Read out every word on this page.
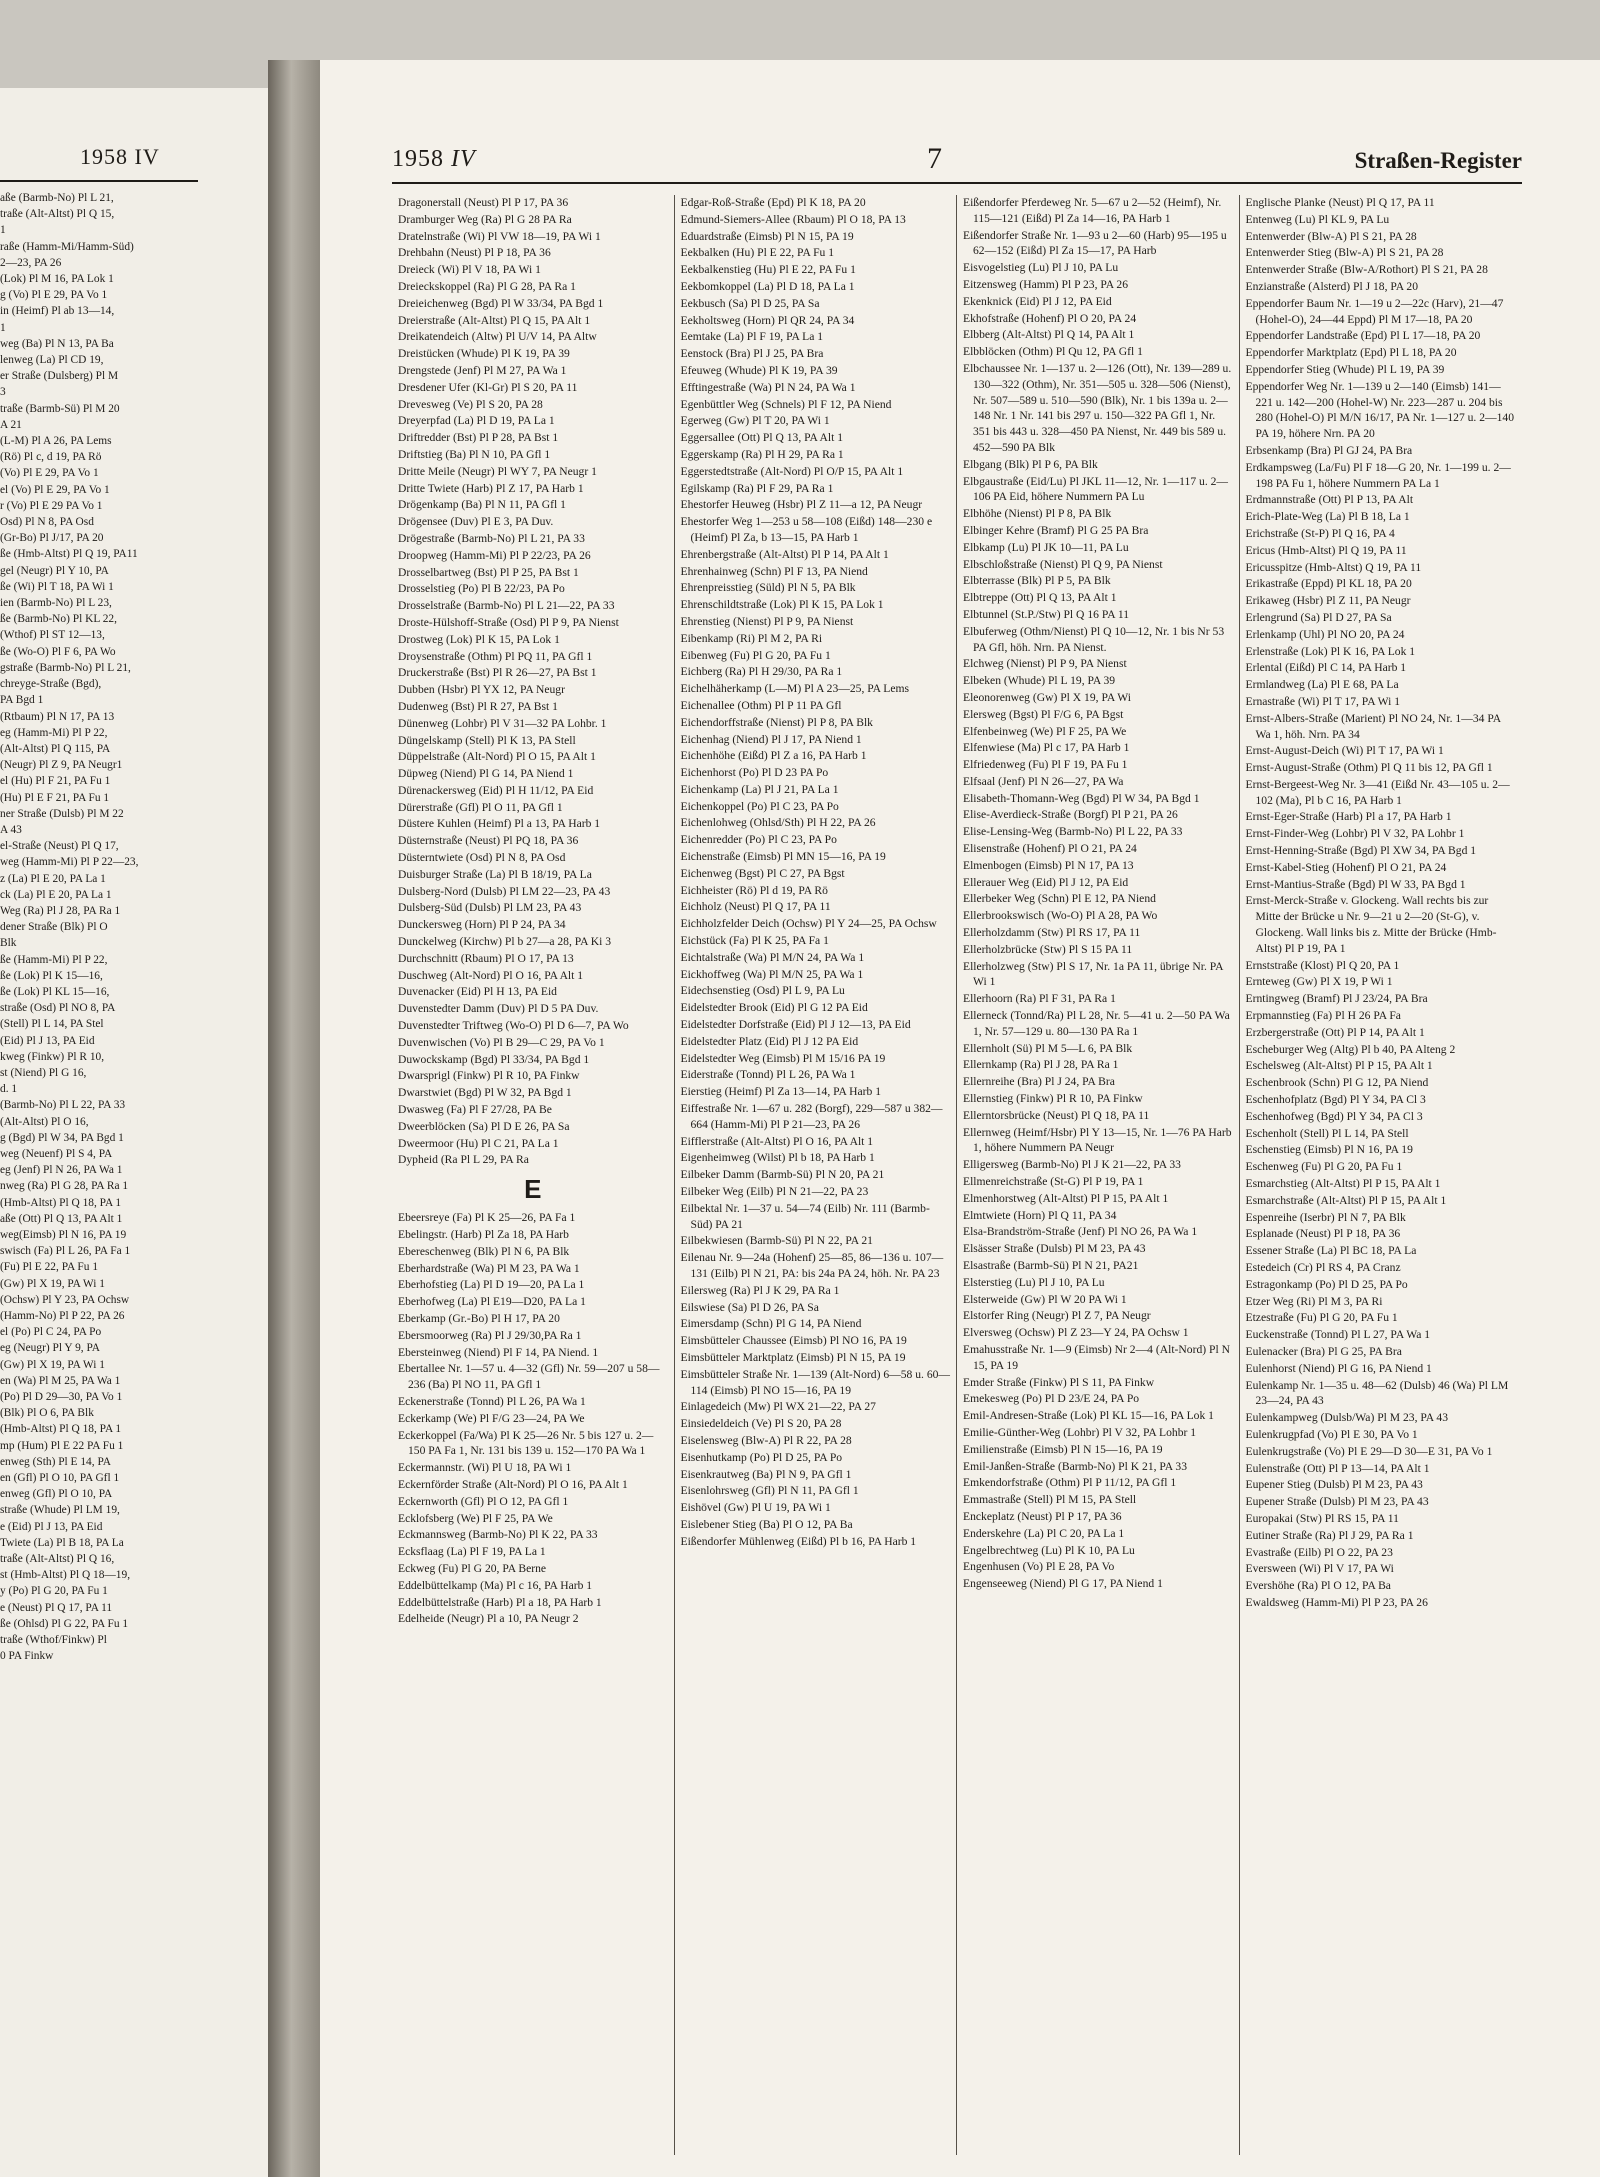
1958 IV
aße (Barmb-No) Pl L 21,
traße (Alt-Altst) Pl Q 15,
1
raße (Hamm-Mi/Hamm-Süd)
2—23, PA 26
(Lok) Pl M 16, PA Lok 1
g (Vo) Pl E 29, PA Vo 1
in (Heimf) Pl ab 13—14,
1
weg (Ba) Pl N 13, PA Ba
lenweg (La) Pl CD 19,
er Straße (Dulsberg) Pl M
3
traße (Barmb-Sü) Pl M 20
A 21
(L-M) Pl A 26, PA Lems
(Rö) Pl c, d 19, PA Rö
(Vo) Pl E 29, PA Vo 1
el (Vo) Pl E 29, PA Vo 1
r (Vo) Pl E 29 PA Vo 1
Osd) Pl N 8, PA Osd
(Gr-Bo) Pl J/17, PA 20
ße (Hmb-Altst) Pl Q 19, PA11
gel (Neugr) Pl Y 10, PA
ße (Wi) Pl T 18, PA Wi 1
ien (Barmb-No) Pl L 23,
ße (Barmb-No) Pl KL 22,
(Wthof) Pl ST 12—13,
ße (Wo-O) Pl F 6, PA Wo
gstraße (Barmb-No) Pl L 21,
chreyge-Straße (Bgd),
PA Bgd 1
(Rtbaum) Pl N 17, PA 13
eg (Hamm-Mi) Pl P 22,
(Alt-Altst) Pl Q 115, PA
(Neugr) Pl Z 9, PA Neugr1
el (Hu) Pl F 21, PA Fu 1
(Hu) Pl E F 21, PA Fu 1
ner Straße (Dulsb) Pl M 22
A 43
el-Straße (Neust) Pl Q 17,
weg (Hamm-Mi) Pl P 22—23,
z (La) Pl E 20, PA La 1
ck (La) Pl E 20, PA La 1
Weg (Ra) Pl J 28, PA Ra 1
dener Straße (Blk) Pl O
Blk
ße (Hamm-Mi) Pl P 22,
ße (Lok) Pl K 15—16,
ße (Lok) Pl KL 15—16,
straße (Osd) Pl NO 8, PA
(Stell) Pl L 14, PA Stel
(Eid) Pl J 13, PA Eid
kweg (Finkw) Pl R 10,
st (Niend) Pl G 16,
d. 1
(Barmb-No) Pl L 22, PA 33
(Alt-Altst) Pl O 16,
g (Bgd) Pl W 34, PA Bgd 1
weg (Neuenf) Pl S 4, PA
eg (Jenf) Pl N 26, PA Wa 1
nweg (Ra) Pl G 28, PA Ra 1
(Hmb-Altst) Pl Q 18, PA 1
aße (Ott) Pl Q 13, PA Alt 1
weg(Eimsb) Pl N 16, PA 19
swisch (Fa) Pl L 26, PA Fa 1
(Fu) Pl E 22, PA Fu 1
(Gw) Pl X 19, PA Wi 1
(Ochsw) Pl Y 23, PA Ochsw
(Hamm-No) Pl P 22, PA 26
el (Po) Pl C 24, PA Po
eg (Neugr) Pl Y 9, PA
(Gw) Pl X 19, PA Wi 1
en (Wa) Pl M 25, PA Wa 1
(Po) Pl D 29—30, PA Vo 1
(Blk) Pl O 6, PA Blk
(Hmb-Altst) Pl Q 18, PA 1
mp (Hum) Pl E 22 PA Fu 1
enweg (Sth) Pl E 14, PA
en (Gfl) Pl O 10, PA Gfl 1
enweg (Gfl) Pl O 10, PA
straße (Whude) Pl LM 19,
e (Eid) Pl J 13, PA Eid
Twiete (La) Pl B 18, PA La
traße (Alt-Altst) Pl Q 16,
st (Hmb-Altst) Pl Q 18—19,
y (Po) Pl G 20, PA Fu 1
e (Neust) Pl Q 17, PA 11
ße (Ohlsd) Pl G 22, PA Fu 1
traße (Wthof/Finkw) Pl
0 PA Finkw
1958 IV	7	Straßen-Register
Dragonerstall (Neust) Pl P 17, PA 36
Dramburger Weg (Ra) Pl G 28 PA Ra
Dratelnstraße (Wi) Pl VW 18—19, PA Wi 1
Drehbahn (Neust) Pl P 18, PA 36
Dreieck (Wi) Pl V 18, PA Wi 1
Dreieckskoppel (Ra) Pl G 28, PA Ra 1
Dreieichenweg (Bgd) Pl W 33/34, PA Bgd 1
Dreierstraße (Alt-Altst) Pl Q 15, PA Alt 1
Dreikatendeich (Altw) Pl U/V 14, PA Altw
Dreistücken (Whude) Pl K 19, PA 39
Drengstede (Jenf) Pl M 27, PA Wa 1
Dresdener Ufer (Kl-Gr) Pl S 20, PA 11
Drevesweg (Ve) Pl S 20, PA 28
Dreyerpfad (La) Pl D 19, PA La 1
Driftredder (Bst) Pl P 28, PA Bst 1
Driftstieg (Ba) Pl N 10, PA Gfl 1
Dritte Meile (Neugr) Pl WY 7, PA Neugr 1
Dritte Twiete (Harb) Pl Z 17, PA Harb 1
Drögenkamp (Ba) Pl N 11, PA Gfl 1
Drögensee (Duv) Pl E 3, PA Duv.
Drögestraße (Barmb-No) Pl L 21, PA 33
Droopweg (Hamm-Mi) Pl P 22/23, PA 26
Drosselbartweg (Bst) Pl P 25, PA Bst 1
Drosselstieg (Po) Pl B 22/23, PA Po
Drosselstraße (Barmb-No) Pl L 21—22, PA 33
Droste-Hülshoff-Straße (Osd) Pl P 9, PA Nienst
Drostweg (Lok) Pl K 15, PA Lok 1
Droysenstraße (Othm) Pl PQ 11, PA Gfl 1
Druckerstraße (Bst) Pl R 26—27, PA Bst 1
Dubben (Hsbr) Pl YX 12, PA Neugr
Dudenweg (Bst) Pl R 27, PA Bst 1
Dünenweg (Lohbr) Pl V 31—32 PA Lohbr. 1
Düngelskamp (Stell) Pl K 13, PA Stell
Düppelstraße (Alt-Nord) Pl O 15, PA Alt 1
Düpweg (Niend) Pl G 14, PA Niend 1
Dürenackersweg (Eid) Pl H 11/12, PA Eid
Dürerstraße (Gfl) Pl O 11, PA Gfl 1
Düstere Kuhlen (Heimf) Pl a 13, PA Harb 1
Düsternstraße (Neust) Pl PQ 18, PA 36
Düsterntwiete (Osd) Pl N 8, PA Osd
Duisburger Straße (La) Pl B 18/19, PA La
Dulsberg-Nord (Dulsb) Pl LM 22—23, PA 43
Dulsberg-Süd (Dulsb) Pl LM 23, PA 43
Dunckersweg (Horn) Pl P 24, PA 34
Dunckelweg (Kirchw) Pl b 27—a 28, PA Ki 3
Durchschnitt (Rbaum) Pl O 17, PA 13
Duschweg (Alt-Nord) Pl O 16, PA Alt 1
Duvenacker (Eid) Pl H 13, PA Eid
Duvenstedter Damm (Duv) Pl D 5 PA Duv.
Duvenstedter Triftweg (Wo-O) Pl D 6—7, PA Wo
Duvenwischen (Vo) Pl B 29—C 29, PA Vo 1
Duwockskamp (Bgd) Pl 33/34, PA Bgd 1
Dwarsprigl (Finkw) Pl R 10, PA Finkw
Dwarstwiet (Bgd) Pl W 32, PA Bgd 1
Dwasweg (Fa) Pl F 27/28, PA Be
Dweerblöcken (Sa) Pl D E 26, PA Sa
Dweermoor (Hu) Pl C 21, PA La 1
Dypheid (Ra Pl L 29, PA Ra
E
Ebeersreye (Fa) Pl K 25—26, PA Fa 1
Ebelingstr. (Harb) Pl Za 18, PA Harb
Ebereschenweg (Blk) Pl N 6, PA Blk
Eberhardstraße (Wa) Pl M 23, PA Wa 1
Eberhofstieg (La) Pl D 19—20, PA La 1
Eberhofweg (La) Pl E19—D20, PA La 1
Eberkamp (Gr.-Bo) Pl H 17, PA 20
Ebersmoorweg (Ra) Pl J 29/30,PA Ra 1
Ebersteinweg (Niend) Pl F 14, PA Niend. 1
Ebertallee Nr. 1—57 u. 4—32 (Gfl) Nr. 59—207 u 58—236 (Ba) Pl NO 11, PA Gfl 1
Eckenerstraße (Tonnd) Pl L 26, PA Wa 1
Eckerkamp (We) Pl F/G 23—24, PA We
Eckerkoppel (Fa/Wa) Pl K 25—26 Nr. 5 bis 127 u. 2—150 PA Fa 1, Nr. 131 bis 139 u. 152—170 PA Wa 1
Eckermannstr. (Wi) Pl U 18, PA Wi 1
Eckernförder Straße (Alt-Nord) Pl O 16, PA Alt 1
Eckernworth (Gfl) Pl O 12, PA Gfl 1
Ecklofsberg (We) Pl F 25, PA We
Eckmannsweg (Barmb-No) Pl K 22, PA 33
Ecksflaag (La) Pl F 19, PA La 1
Eckweg (Fu) Pl G 20, PA Berne
Eddelbüttelkamp (Ma) Pl c 16, PA Harb 1
Eddelbüttelstraße (Harb) Pl a 18, PA Harb 1
Edelheide (Neugr) Pl a 10, PA Neugr 2
Edgar-Roß-Straße (Epd) Pl K 18, PA 20
Edmund-Siemers-Allee (Rbaum) Pl O 18, PA 13
Eduardstraße (Eimsb) Pl N 15, PA 19
Eekbalken (Hu) Pl E 22, PA Fu 1
Eekbalkenstieg (Hu) Pl E 22, PA Fu 1
Eekbomkoppel (La) Pl D 18, PA La 1
Eekbusch (Sa) Pl D 25, PA Sa
Eekholtsweg (Horn) Pl QR 24, PA 34
Eemtake (La) Pl F 19, PA La 1
Eenstock (Bra) Pl J 25, PA Bra
Efeuweg (Whude) Pl K 19, PA 39
Efftingestraße (Wa) Pl N 24, PA Wa 1
Egenbüttler Weg (Schnels) Pl F 12, PA Niend
Egerweg (Gw) Pl T 20, PA Wi 1
Eggersallee (Ott) Pl Q 13, PA Alt 1
Eggerskamp (Ra) Pl H 29, PA Ra 1
Eggerstedtstraße (Alt-Nord) Pl O/P 15, PA Alt 1
Egilskamp (Ra) Pl F 29, PA Ra 1
Ehestorfer Heuweg (Hsbr) Pl Z 11—a 12, PA Neugr
Ehestorfer Weg 1—253 u 58—108 (Eißd) 148—230 e (Heimf) Pl Za, b 13—15, PA Harb 1
Ehrenbergstraße (Alt-Altst) Pl P 14, PA Alt 1
Ehrenhainweg (Schn) Pl F 13, PA Niend
Ehrenpreisstieg (Süld) Pl N 5, PA Blk
Ehrenschildtstraße (Lok) Pl K 15, PA Lok 1
Ehrenstieg (Nienst) Pl P 9, PA Nienst
Eibenkamp (Ri) Pl M 2, PA Ri
Eibenweg (Fu) Pl G 20, PA Fu 1
Eichberg (Ra) Pl H 29/30, PA Ra 1
Eichelhäherkamp (L—M) Pl A 23—25, PA Lems
Eichenallee (Othm) Pl P 11 PA Gfl
Eichendorffstraße (Nienst) Pl P 8, PA Blk
Eichenhag (Niend) Pl J 17, PA Niend 1
Eichenhöhe (Eißd) Pl Z a 16, PA Harb 1
Eichenhorst (Po) Pl D 23 PA Po
Eichenkamp (La) Pl J 21, PA La 1
Eichenkoppel (Po) Pl C 23, PA Po
Eichenlohweg (Ohlsd/Sth) Pl H 22, PA 26
Eichenredder (Po) Pl C 23, PA Po
Eichenstraße (Eimsb) Pl MN 15—16, PA 19
Eichenweg (Bgst) Pl C 27, PA Bgst
Eichheister (Rö) Pl d 19, PA Rö
Eichholz (Neust) Pl Q 17, PA 11
Eichholzfelder Deich (Ochsw) Pl Y 24—25, PA Ochsw
Eichstück (Fa) Pl K 25, PA Fa 1
Eichtalstraße (Wa) Pl M/N 24, PA Wa 1
Eickhoffweg (Wa) Pl M/N 25, PA Wa 1
Eidechsenstieg (Osd) Pl L 9, PA Lu
Eidelstedter Brook (Eid) Pl G 12 PA Eid
Eidelstedter Dorfstraße (Eid) Pl J 12—13, PA Eid
Eidelstedter Platz (Eid) Pl J 12 PA Eid
Eidelstedter Weg (Eimsb) Pl M 15/16 PA 19
Eiderstraße (Tonnd) Pl L 26, PA Wa 1
Eierstieg (Heimf) Pl Za 13—14, PA Harb 1
Eiffestraße Nr. 1—67 u. 282 (Borgf), 229—587 u 382—664 (Hamm-Mi) Pl P 21—23, PA 26
Eifflerstraße (Alt-Altst) Pl O 16, PA Alt 1
Eigenheimweg (Wilst) Pl b 18, PA Harb 1
Eilbeker Damm (Barmb-Sü) Pl N 20, PA 21
Eilbeker Weg (Eilb) Pl N 21—22, PA 23
Eilbektal Nr. 1—37 u. 54—74 (Eilb) Nr. 111 (Barmb-Süd) PA 21
Eilbekwiesen (Barmb-Sü) Pl N 22, PA 21
Eilenau Nr. 9—24a (Hohenf) 25—85, 86—136 u. 107—131 (Eilb) Pl N 21, PA: bis 24a PA 24, höh. Nr. PA 23
Eilersweg (Ra) Pl J K 29, PA Ra 1
Eilswiese (Sa) Pl D 26, PA Sa
Eimersdamp (Schn) Pl G 14, PA Niend
Eimsbütteler Chaussee (Eimsb) Pl NO 16, PA 19
Eimsbütteler Marktplatz (Eimsb) Pl N 15, PA 19
Eimsbütteler Straße Nr. 1—139 (Alt-Nord) 6—58 u. 60—114 (Eimsb) Pl NO 15—16, PA 19
Einlagedeich (Mw) Pl WX 21—22, PA 27
Einsiedeldeich (Ve) Pl S 20, PA 28
Eiselensweg (Blw-A) Pl R 22, PA 28
Eisenhutkamp (Po) Pl D 25, PA Po
Eisenkrautweg (Ba) Pl N 9, PA Gfl 1
Eisenlohrsweg (Gfl) Pl N 11, PA Gfl 1
Eishövel (Gw) Pl U 19, PA Wi 1
Eislebener Stieg (Ba) Pl O 12, PA Ba
Eißendorfer Mühlenweg (Eißd) Pl b 16, PA Harb 1
Eißendorfer Pferdeweg Nr. 5—67 u 2—52 (Heimf), Nr. 115—121 (Eißd) Pl Za 14—16, PA Harb 1
Eißendorfer Straße Nr. 1—93 u 2—60 (Harb) 95—195 u 62—152 (Eißd) Pl Za 15—17, PA Harb
Eisvogelstieg (Lu) Pl J 10, PA Lu
Eitzensweg (Hamm) Pl P 23, PA 26
Ekenknick (Eid) Pl J 12, PA Eid
Ekhofstraße (Hohenf) Pl O 20, PA 24
Elbberg (Alt-Altst) Pl Q 14, PA Alt 1
Elbblöcken (Othm) Pl Qu 12, PA Gfl 1
Elbchaussee Nr. 1—137 u. 2—126 (Ott), Nr. 139—289 u. 130—322 (Othm), Nr. 351—505 u. 328—506 (Nienst), Nr. 507—589 u. 510—590 (Blk), Nr. 1 bis 139a u. 2—148 Nr. 1 Nr. 141 bis 297 u. 150—322 PA Gfl 1, Nr. 351 bis 443 u. 328—450 PA Nienst, Nr. 449 bis 589 u. 452—590 PA Blk
Elbgang (Blk) Pl P 6, PA Blk
Elbgaustraße (Eid/Lu) Pl JKL 11—12, Nr. 1—117 u. 2—106 PA Eid, höhere Nummern PA Lu
Elbhöhe (Nienst) Pl P 8, PA Blk
Elbinger Kehre (Bramf) Pl G 25 PA Bra
Elbkamp (Lu) Pl JK 10—11, PA Lu
Elbschloßstraße (Nienst) Pl Q 9, PA Nienst
Elbterrasse (Blk) Pl P 5, PA Blk
Elbtreppe (Ott) Pl Q 13, PA Alt 1
Elbtunnel (St.P./Stw) Pl Q 16 PA 11
Elbuferweg (Othm/Nienst) Pl Q 10—12, Nr. 1 bis Nr 53 PA Gfl, höh. Nrn. PA Nienst.
Elchweg (Nienst) Pl P 9, PA Nienst
Elbeken (Whude) Pl L 19, PA 39
Eleonorenweg (Gw) Pl X 19, PA Wi
Elersweg (Bgst) Pl F/G 6, PA Bgst
Elfenbeinweg (We) Pl F 25, PA We
Elfenwiese (Ma) Pl c 17, PA Harb 1
Elfriedenweg (Fu) Pl F 19, PA Fu 1
Elfsaal (Jenf) Pl N 26—27, PA Wa
Elisabeth-Thomann-Weg (Bgd) Pl W 34, PA Bgd 1
Elise-Averdieck-Straße (Borgf) Pl P 21, PA 26
Elise-Lensing-Weg (Barmb-No) Pl L 22, PA 33
Elisenstraße (Hohenf) Pl O 21, PA 24
Elmenbogen (Eimsb) Pl N 17, PA 13
Ellerauer Weg (Eid) Pl J 12, PA Eid
Ellerbeker Weg (Schn) Pl E 12, PA Niend
Ellerbrookswisch (Wo-O) Pl A 28, PA Wo
Ellerholzdamm (Stw) Pl RS 17, PA 11
Ellerholzbrücke (Stw) Pl S 15 PA 11
Ellerholzweg (Stw) Pl S 17, Nr. 1a PA 11, übrige Nr. PA Wi 1
Ellerhoorn (Ra) Pl F 31, PA Ra 1
Ellerneck (Tonnd/Ra) Pl L 28, Nr. 5—41 u. 2—50 PA Wa 1, Nr. 57—129 u. 80—130 PA Ra 1
Ellernholt (Sü) Pl M 5—L 6, PA Blk
Ellernkamp (Ra) Pl J 28, PA Ra 1
Ellernreihe (Bra) Pl J 24, PA Bra
Ellernstieg (Finkw) Pl R 10, PA Finkw
Ellerntorsbrücke (Neust) Pl Q 18, PA 11
Ellernweg (Heimf/Hsbr) Pl Y 13—15, Nr. 1—76 PA Harb 1, höhere Nummern PA Neugr
Elligersweg (Barmb-No) Pl J K 21—22, PA 33
Ellmenreichstraße (St-G) Pl P 19, PA 1
Elmenhorstweg (Alt-Altst) Pl P 15, PA Alt 1
Elmtwiete (Horn) Pl Q 11, PA 34
Elsa-Brandström-Straße (Jenf) Pl NO 26, PA Wa 1
Elsässer Straße (Dulsb) Pl M 23, PA 43
Elsastraße (Barmb-Sü) Pl N 21, PA21
Elsterstieg (Lu) Pl J 10, PA Lu
Elsterweide (Gw) Pl W 20 PA Wi 1
Elstorfer Ring (Neugr) Pl Z 7, PA Neugr
Elversweg (Ochsw) Pl Z 23—Y 24, PA Ochsw 1
Emahusstraße Nr. 1—9 (Eimsb) Nr 2—4 (Alt-Nord) Pl N 15, PA 19
Emder Straße (Finkw) Pl S 11, PA Finkw
Emekesweg (Po) Pl D 23/E 24, PA Po
Emil-Andresen-Straße (Lok) Pl KL 15—16, PA Lok 1
Emilie-Günther-Weg (Lohbr) Pl V 32, PA Lohbr 1
Emilienstraße (Eimsb) Pl N 15—16, PA 19
Emil-Janßen-Straße (Barmb-No) Pl K 21, PA 33
Emkendorfstraße (Othm) Pl P 11/12, PA Gfl 1
Emmastraße (Stell) Pl M 15, PA Stell
Enckeplatz (Neust) Pl P 17, PA 36
Enderskehre (La) Pl C 20, PA La 1
Engelbrechtweg (Lu) Pl K 10, PA Lu
Engenhusen (Vo) Pl E 28, PA Vo
Engenseeweg (Niend) Pl G 17, PA Niend 1
Englische Planke (Neust) Pl Q 17, PA 11
Entenweg (Lu) Pl KL 9, PA Lu
Entenwerder (Blw-A) Pl S 21, PA 28
Entenwerder Stieg (Blw-A) Pl S 21, PA 28
Entenwerder Straße (Blw-A/Rothort) Pl S 21, PA 28
Enzianstraße (Alsterd) Pl J 18, PA 20
Eppendorfer Baum Nr. 1—19 u 2—22c (Harv), 21—47 (Hohel-O), 24—44 Eppd) Pl M 17—18, PA 20
Eppendorfer Landstraße (Epd) Pl L 17—18, PA 20
Eppendorfer Marktplatz (Epd) Pl L 18, PA 20
Eppendorfer Stieg (Whude) Pl L 19, PA 39
Eppendorfer Weg Nr. 1—139 u 2—140 (Eimsb) 141—221 u. 142—200 (Hohel-W) Nr. 223—287 u. 204 bis 280 (Hohel-O) Pl M/N 16/17, PA Nr. 1—127 u. 2—140 PA 19, höhere Nrn. PA 20
Erbsenkamp (Bra) Pl GJ 24, PA Bra
Erdkampsweg (La/Fu) Pl F 18—G 20, Nr. 1—199 u. 2—198 PA Fu 1, höhere Nummern PA La 1
Erdmannstraße (Ott) Pl P 13, PA Alt
Erich-Plate-Weg (La) Pl B 18, La 1
Erichstraße (St-P) Pl Q 16, PA 4
Ericus (Hmb-Altst) Pl Q 19, PA 11
Ericusspitze (Hmb-Altst) Q 19, PA 11
Erikastraße (Eppd) Pl KL 18, PA 20
Erikaweg (Hsbr) Pl Z 11, PA Neugr
Erlengrund (Sa) Pl D 27, PA Sa
Erlenkamp (Uhl) Pl NO 20, PA 24
Erlenstraße (Lok) Pl K 16, PA Lok 1
Erlental (Eißd) Pl C 14, PA Harb 1
Ermlandweg (La) Pl E 68, PA La
Ernastraße (Wi) Pl T 17, PA Wi 1
Ernst-Albers-Straße (Marient) Pl NO 24, Nr. 1—34 PA Wa 1, höh. Nrn. PA 34
Ernst-August-Deich (Wi) Pl T 17, PA Wi 1
Ernst-August-Straße (Othm) Pl Q 11 bis 12, PA Gfl 1
Ernst-Bergeest-Weg Nr. 3—41 (Eißd Nr. 43—105 u. 2—102 (Ma), Pl b C 16, PA Harb 1
Ernst-Eger-Straße (Harb) Pl a 17, PA Harb 1
Ernst-Finder-Weg (Lohbr) Pl V 32, PA Lohbr 1
Ernst-Henning-Straße (Bgd) Pl XW 34, PA Bgd 1
Ernst-Kabel-Stieg (Hohenf) Pl O 21, PA 24
Ernst-Mantius-Straße (Bgd) Pl W 33, PA Bgd 1
Ernst-Merck-Straße v. Glockeng. Wall rechts bis zur Mitte der Brücke u Nr. 9—21 u 2—20 (St-G), v. Glockeng. Wall links bis z. Mitte der Brücke (Hmb-Altst) Pl P 19, PA 1
Ernststraße (Klost) Pl Q 20, PA 1
Ernteweg (Gw) Pl X 19, P Wi 1
Erntingweg (Bramf) Pl J 23/24, PA Bra
Erpmannstieg (Fa) Pl H 26 PA Fa
Erzbergerstraße (Ott) Pl P 14, PA Alt 1
Escheburger Weg (Altg) Pl b 40, PA Alteng 2
Eschelsweg (Alt-Altst) Pl P 15, PA Alt 1
Eschenbrook (Schn) Pl G 12, PA Niend
Eschenhofplatz (Bgd) Pl Y 34, PA Cl 3
Eschenhofweg (Bgd) Pl Y 34, PA Cl 3
Eschenholt (Stell) Pl L 14, PA Stell
Eschenstieg (Eimsb) Pl N 16, PA 19
Eschenweg (Fu) Pl G 20, PA Fu 1
Esmarchstieg (Alt-Altst) Pl P 15, PA Alt 1
Esmarchstraße (Alt-Altst) Pl P 15, PA Alt 1
Espenreihe (Iserbr) Pl N 7, PA Blk
Esplanade (Neust) Pl P 18, PA 36
Essener Straße (La) Pl BC 18, PA La
Estedeich (Cr) Pl RS 4, PA Cranz
Estragonkamp (Po) Pl D 25, PA Po
Etzer Weg (Ri) Pl M 3, PA Ri
Etzestraße (Fu) Pl G 20, PA Fu 1
Euckenstraße (Tonnd) Pl L 27, PA Wa 1
Eulenacker (Bra) Pl G 25, PA Bra
Eulenhorst (Niend) Pl G 16, PA Niend 1
Eulenkamp Nr. 1—35 u. 48—62 (Dulsb) 46 (Wa) Pl LM 23—24, PA 43
Eulenkampweg (Dulsb/Wa) Pl M 23, PA 43
Eulenkrugpfad (Vo) Pl E 30, PA Vo 1
Eulenkrugstraße (Vo) Pl E 29—D 30—E 31, PA Vo 1
Eulenstraße (Ott) Pl P 13—14, PA Alt 1
Eupener Stieg (Dulsb) Pl M 23, PA 43
Eupener Straße (Dulsb) Pl M 23, PA 43
Europakai (Stw) Pl RS 15, PA 11
Eutiner Straße (Ra) Pl J 29, PA Ra 1
Evastraße (Eilb) Pl O 22, PA 23
Eversween (Wi) Pl V 17, PA Wi
Evershöhe (Ra) Pl O 12, PA Ba
Ewaldsweg (Hamm-Mi) Pl P 23, PA 26
